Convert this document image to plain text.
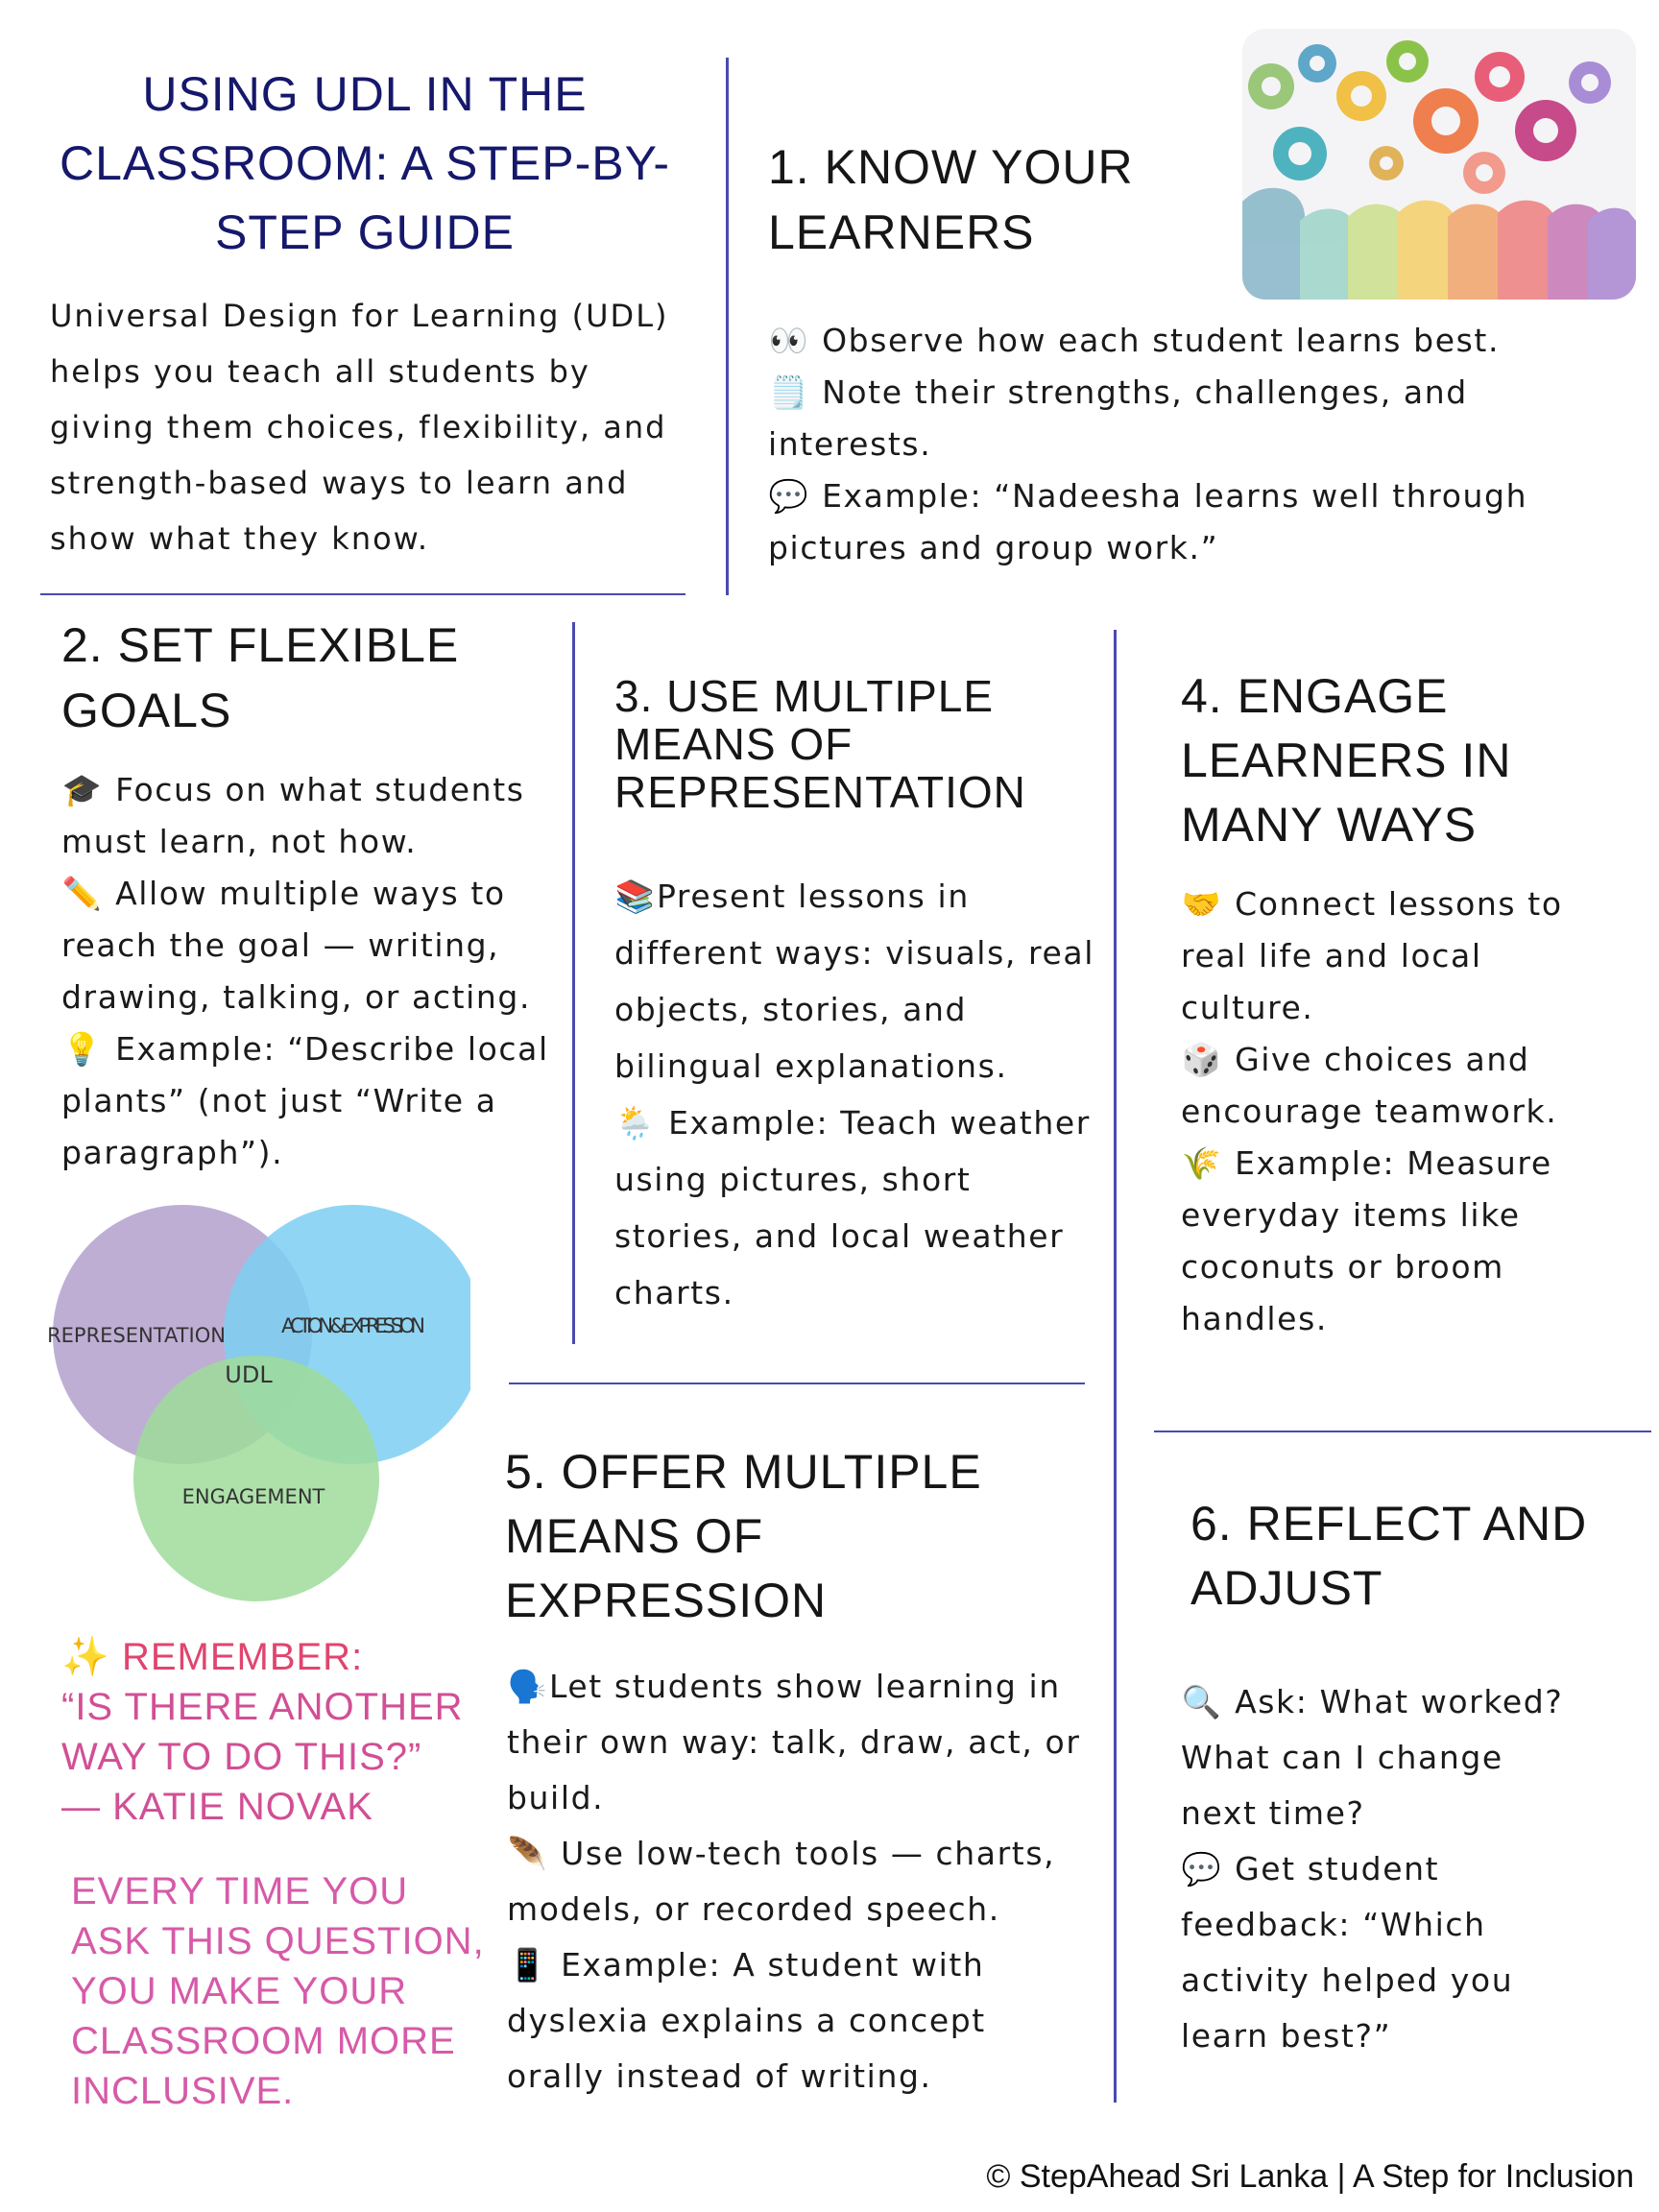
USING UDL IN THE CLASSROOM: A STEP-BY-STEP GUIDE
Universal Design for Learning (UDL) helps you teach all students by giving them choices, flexibility, and strength-based ways to learn and show what they know.
1. KNOW YOUR LEARNERS

👀 Observe how each student learns best.

🗒️ Note their strengths, challenges, and interests.

💬 Example: “Nadeesha learns well through pictures and group work.”

2. SET FLEXIBLE GOALS

🎓 Focus on what students must learn, not how.

✏️ Allow multiple ways to reach the goal — writing, drawing, talking, or acting.

💡 Example: “Describe local plants” (not just “Write a paragraph”).

REPRESENTATION	ACTION & EXPRESSION
ENGAGEMENT
UDL
✨ REMEMBER:
“IS THERE ANOTHER WAY TO DO THIS?”
— KATIE NOVAK
EVERY TIME YOU ASK THIS QUESTION, YOU MAKE YOUR CLASSROOM MORE INCLUSIVE.
3. USE MULTIPLE MEANS OF REPRESENTATION

📚Present lessons in different ways: visuals, real objects, stories, and bilingual explanations.

🌦️ Example: Teach weather using pictures, short stories, and local weather charts.

4. ENGAGE LEARNERS IN MANY WAYS

🤝 Connect lessons to real life and local culture.

🎲 Give choices and encourage teamwork.

🌾 Example: Measure everyday items like coconuts or broom handles.

5. OFFER MULTIPLE MEANS OF EXPRESSION

🗣️Let students show learning in their own way: talk, draw, act, or build.

🪶 Use low-tech tools — charts, models, or recorded speech.

📱 Example: A student with dyslexia explains a concept orally instead of writing.

6. REFLECT AND ADJUST

🔍 Ask: What worked? What can I change next time?

💬 Get student feedback: “Which activity helped you learn best?”

© StepAhead Sri Lanka | A Step for Inclusion
